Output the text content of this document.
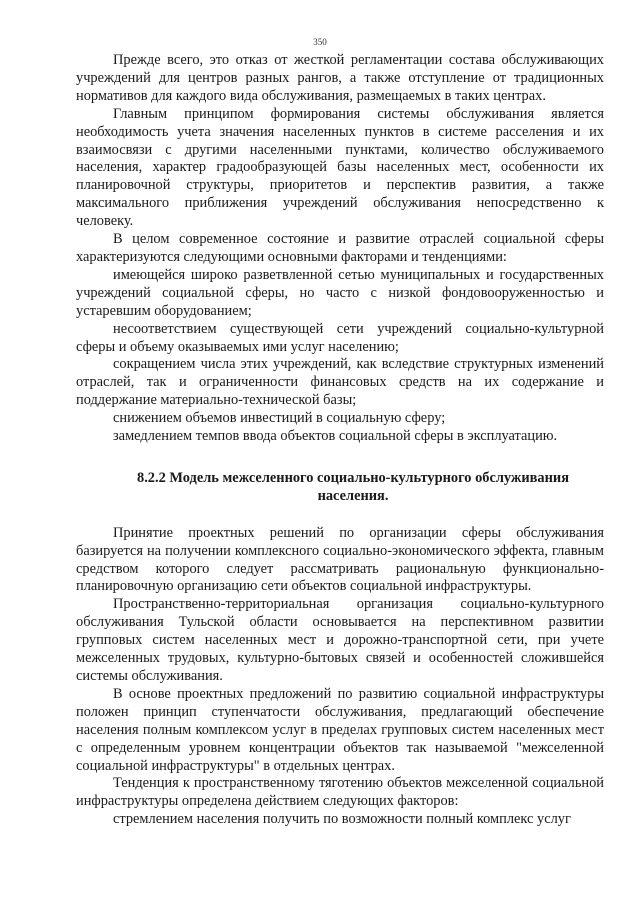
350

Прежде всего, это отказ от жесткой регламентации состава обслуживающих учреждений для центров разных рангов, а также отступление от традиционных нормативов для каждого вида обслуживания, размещаемых в таких центрах.

Главным принципом формирования системы обслуживания является необходимость учета значения населенных пунктов в системе расселения и их взаимосвязи с другими населенными пунктами, количество обслуживаемого населения, характер градообразующей базы населенных мест, особенности их планировочной структуры, приоритетов и перспектив развития, а также максимального приближения учреждений обслуживания непосредственно к человеку.

В целом современное состояние и развитие отраслей социальной сферы характеризуются следующими основными факторами и тенденциями:

имеющейся широко разветвленной сетью муниципальных и государственных учреждений социальной сферы, но часто с низкой фондовооруженностью и устаревшим оборудованием;

несоответствием существующей сети учреждений социально-культурной сферы и объему оказываемых ими услуг населению;

сокращением числа этих учреждений, как вследствие структурных изменений отраслей, так и ограниченности финансовых средств на их содержание и поддержание материально-технической базы;

снижением объемов инвестиций в социальную сферу;

замедлением темпов ввода объектов социальной сферы в эксплуатацию.

8.2.2 Модель межселенного социально-культурного обслуживания населения.

Принятие проектных решений по организации сферы обслуживания базируется на получении комплексного социально-экономического эффекта, главным средством которого следует рассматривать рациональную функционально-планировочную организацию сети объектов социальной инфраструктуры.

Пространственно-территориальная организация социально-культурного обслуживания Тульской области основывается на перспективном развитии групповых систем населенных мест и дорожно-транспортной сети, при учете межселенных трудовых, культурно-бытовых связей и особенностей сложившейся системы обслуживания.

В основе проектных предложений по развитию социальной инфраструктуры положен принцип ступенчатости обслуживания, предлагающий обеспечение населения полным комплексом услуг в пределах групповых систем населенных мест с определенным уровнем концентрации объектов так называемой "межселенной социальной инфраструктуры" в отдельных центрах.

Тенденция к пространственному тяготению объектов межселенной социальной инфраструктуры определена действием следующих факторов:

стремлением населения получить по возможности полный комплекс услуг
